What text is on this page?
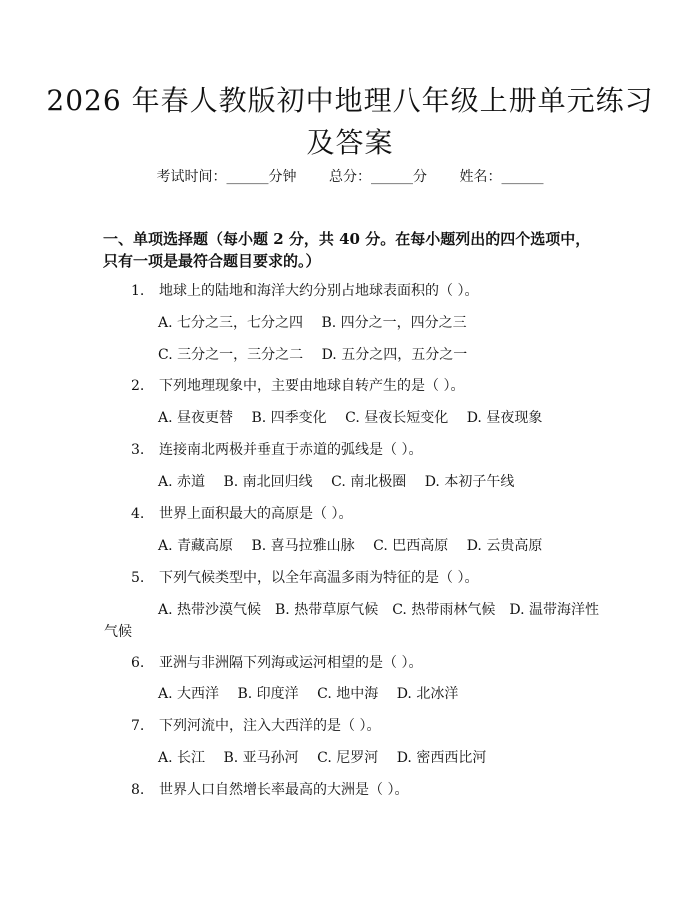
2026 年春人教版初中地理八年级上册单元练习及答案
考试时间：______分钟 总分：______分 姓名：______
一、单项选择题（每小题 2 分，共 40 分。在每小题列出的四个选项中，只有一项是最符合题目要求的。）
1. 地球上的陆地和海洋大约分别占地球表面积的（ ）。
A. 七分之三，七分之四 B. 四分之一，四分之三
C. 三分之一，三分之二 D. 五分之四，五分之一
2. 下列地理现象中，主要由地球自转产生的是（ ）。
A. 昼夜更替 B. 四季变化 C. 昼夜长短变化 D. 昼夜现象
3. 连接南北两极并垂直于赤道的弧线是（ ）。
A. 赤道 B. 南北回归线 C. 南北极圈 D. 本初子午线
4. 世界上面积最大的高原是（ ）。
A. 青藏高原 B. 喜马拉雅山脉 C. 巴西高原 D. 云贵高原
5. 下列气候类型中，以全年高温多雨为特征的是（ ）。
A. 热带沙漠气候 B. 热带草原气候 C. 热带雨林气候 D. 温带海洋性气候
6. 亚洲与非洲隔下列海或运河相望的是（ ）。
A. 大西洋 B. 印度洋 C. 地中海 D. 北冰洋
7. 下列河流中，注入大西洋的是（ ）。
A. 长江 B. 亚马孙河 C. 尼罗河 D. 密西西比河
8. 世界人口自然增长率最高的大洲是（ ）。
